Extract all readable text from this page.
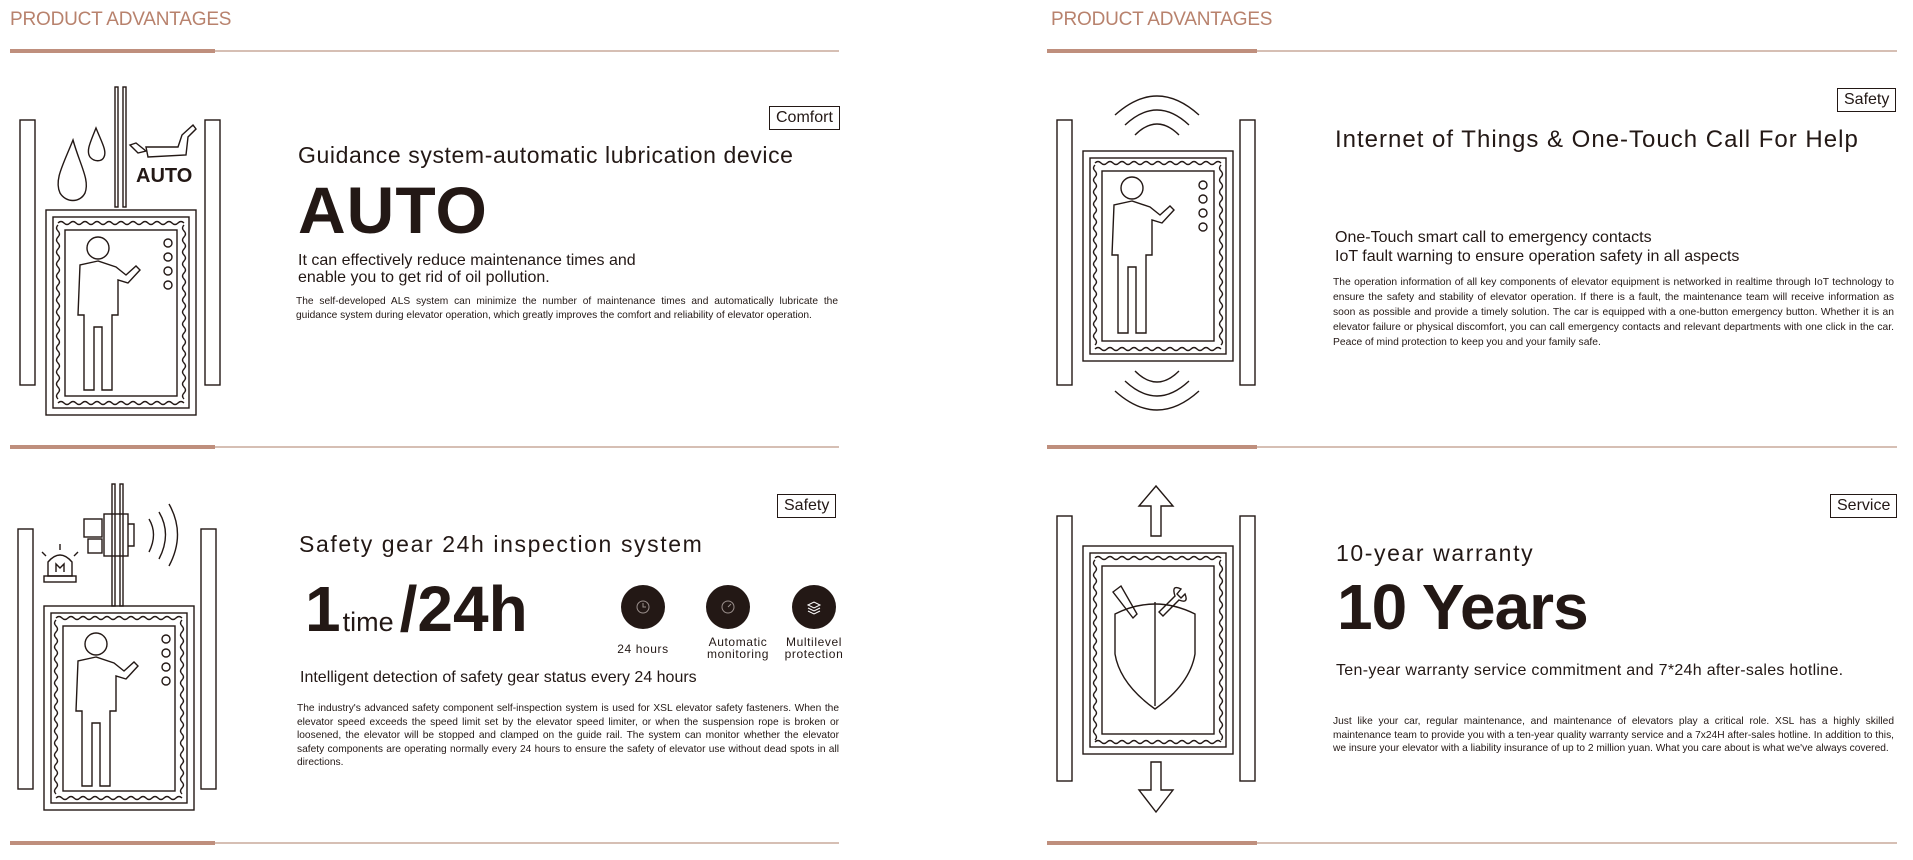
PRODUCT ADVANTAGES	PRODUCT ADVANTAGES
AUTO
Comfort
Guidance system-automatic lubrication device
AUTO
It can effectively reduce maintenance times and
enable you to get rid of oil pollution.
The self-developed ALS system can minimize the number of maintenance times and automatically lubricate the guidance system during elevator operation, which greatly improves the comfort and reliability of elevator operation.
Safety
Internet of Things & One-Touch Call For Help
One-Touch smart call to emergency contacts
IoT fault warning to ensure operation safety in all aspects
The operation information of all key components of elevator equipment is networked in realtime through IoT technology to ensure the safety and stability of elevator operation. If there is a fault, the maintenance team will receive information as soon as possible and provide a timely solution. The car is equipped with a one-button emergency button. Whether it is an elevator failure or physical discomfort, you can call emergency contacts and relevant departments with one click in the car. Peace of mind protection to keep you and your family safe.
Safety
Safety gear 24h inspection system
1time/24h
24 hours	Automatic
monitoring
Multilevel
protection
Intelligent detection of safety gear status every 24 hours
The industry's advanced safety component self-inspection system is used for XSL elevator safety fasteners. When the elevator speed exceeds the speed limit set by the elevator speed limiter, or when the suspension rope is broken or loosened, the elevator will be stopped and clamped on the guide rail. The system can monitor whether the elevator safety components are operating normally every 24 hours to ensure the safety of elevator use without dead spots in all directions.
Service
10-year warranty
10 Years
Ten-year warranty service commitment and 7*24h after-sales hotline.
Just like your car, regular maintenance, and maintenance of elevators play a critical role. XSL has a highly skilled maintenance team to provide you with a ten-year quality warranty service and a 7x24H after-sales hotline. In addition to this, we insure your elevator with a liability insurance of up to 2 million yuan. What you care about is what we've always covered.
